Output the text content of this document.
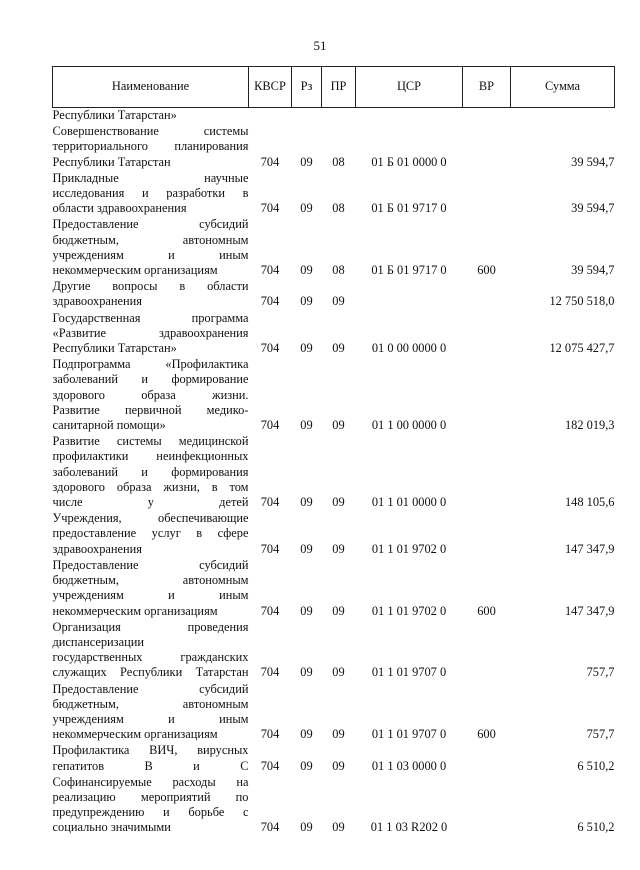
51
Наименование	КВСР	Рз	ПР	ЦСР	ВР	Сумма

Республики Татарстан»						

Совершенствование системы
территориального планирования
Республики Татарстан	704	09	08	01 Б 01 0000 0		39 594,7

Прикладные научные
исследования и разработки в
области здравоохранения	704	09	08	01 Б 01 9717 0		39 594,7

Предоставление субсидий
бюджетным, автономным
учреждениям и иным
некоммерческим организациям	704	09	08	01 Б 01 9717 0	600	39 594,7

Другие вопросы в области
здравоохранения	704	09	09			12 750 518,0

Государственная программа
«Развитие здравоохранения
Республики Татарстан»	704	09	09	01 0 00 0000 0		12 075 427,7

Подпрограмма «Профилактика
заболеваний и формирование
здорового образа жизни.
Развитие первичной медико-
санитарной помощи»	704	09	09	01 1 00 0000 0		182 019,3

Развитие системы медицинской
профилактики неинфекционных
заболеваний и формирования
здорового образа жизни, в том
числе у детей	704	09	09	01 1 01 0000 0		148 105,6

Учреждения, обеспечивающие
предоставление услуг в сфере
здравоохранения	704	09	09	01 1 01 9702 0		147 347,9

Предоставление субсидий
бюджетным, автономным
учреждениям и иным
некоммерческим организациям	704	09	09	01 1 01 9702 0	600	147 347,9

Организация проведения
диспансеризации
государственных гражданских
служащих Республики Татарстан	704	09	09	01 1 01 9707 0		757,7

Предоставление субсидий
бюджетным, автономным
учреждениям и иным
некоммерческим организациям	704	09	09	01 1 01 9707 0	600	757,7

Профилактика ВИЧ, вирусных
гепатитов В и С	704	09	09	01 1 03 0000 0		6 510,2

Софинансируемые расходы на
реализацию мероприятий по
предупреждению и борьбе с
социально значимыми	704	09	09	01 1 03 R202 0		6 510,2
